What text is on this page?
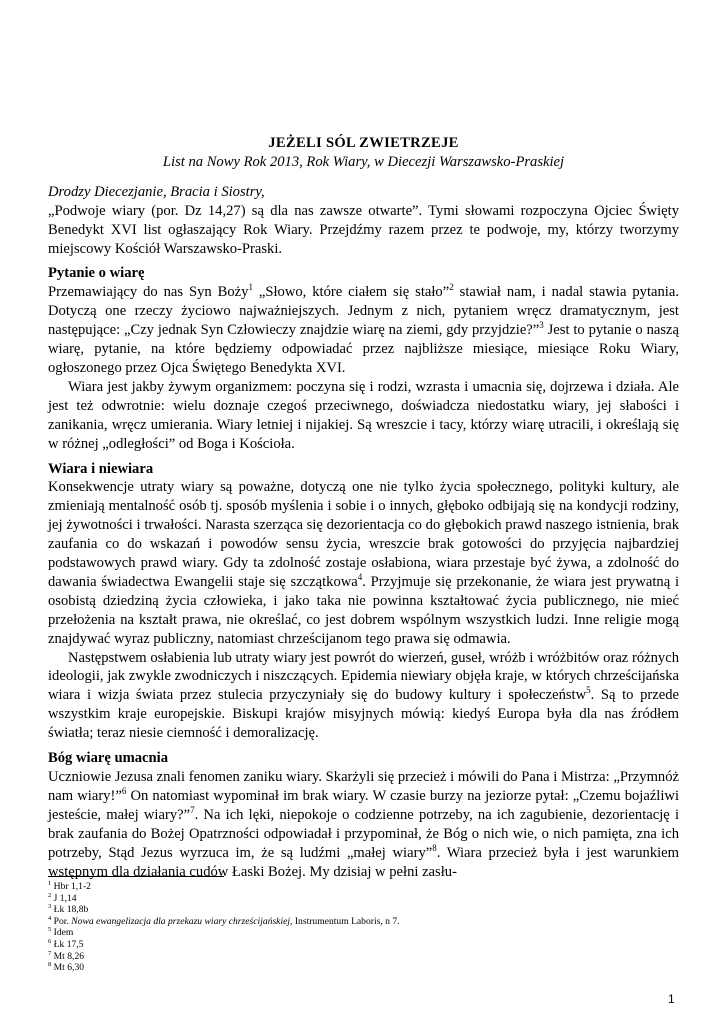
JEŻELI SÓL ZWIETRZEJE
List na Nowy Rok 2013, Rok Wiary, w Diecezji Warszawsko-Praskiej
Drodzy Diecezjanie, Bracia i Siostry,

„Podwoje wiary (por. Dz 14,27) są dla nas zawsze otwarte”. Tymi słowami rozpoczyna Ojciec Święty Benedykt XVI list ogłaszający Rok Wiary. Przejdźmy razem przez te podwoje, my, którzy tworzymy miejscowy Kościół Warszawsko-Praski.

Pytanie o wiarę

Przemawiający do nas Syn Boży$^1$ „Słowo, które ciałem się stało”$^2$ stawiał nam, i nadal stawia pytania. Dotyczą one rzeczy życiowo najważniejszych. Jednym z nich, pytaniem wręcz dramatycznym, jest następujące: „Czy jednak Syn Człowieczy znajdzie wiarę na ziemi, gdy przyjdzie?”$^3$ Jest to pytanie o naszą wiarę, pytanie, na które będziemy odpowiadać przez najbliższe miesiące, miesiące Roku Wiary, ogłoszonego przez Ojca Świętego Benedykta XVI.

Wiara jest jakby żywym organizmem: poczyna się i rodzi, wzrasta i umacnia się, dojrzewa i działa. Ale jest też odwrotnie: wielu doznaje czegoś przeciwnego, doświadcza niedostatku wiary, jej słabości i zanikania, wręcz umierania. Wiary letniej i nijakiej. Są wreszcie i tacy, którzy wiarę utracili, i określają się w różnej „odległości” od Boga i Kościoła.

Wiara i niewiara

Konsekwencje utraty wiary są poważne, dotyczą one nie tylko życia społecznego, polityki kultury, ale zmieniają mentalność osób tj. sposób myślenia i sobie i o innych, głęboko odbijają się na kondycji rodziny, jej żywotności i trwałości. Narasta szerząca się dezorientacja co do głębokich prawd naszego istnienia, brak zaufania co do wskazań i powodów sensu życia, wreszcie brak gotowości do przyjęcia najbardziej podstawowych prawd wiary. Gdy ta zdolność zostaje osłabiona, wiara przestaje być żywa, a zdolność do dawania świadectwa Ewangelii staje się szczątkowa$^4$. Przyjmuje się przekonanie, że wiara jest prywatną i osobistą dziedziną życia człowieka, i jako taka nie powinna kształtować życia publicznego, nie mieć przełożenia na kształt prawa, nie określać, co jest dobrem wspólnym wszystkich ludzi. Inne religie mogą znajdywać wyraz publiczny, natomiast chrześcijanom tego prawa się odmawia.

Następstwem osłabienia lub utraty wiary jest powrót do wierzeń, guseł, wróżb i wróżbitów oraz różnych ideologii, jak zwykle zwodniczych i niszczących. Epidemia niewiary objęła kraje, w których chrześcijańska wiara i wizja świata przez stulecia przyczyniały się do budowy kultury i społeczeństw$^5$. Są to przede wszystkim kraje europejskie. Biskupi krajów misyjnych mówią: kiedyś Europa była dla nas źródłem światła; teraz niesie ciemność i demoralizację.

Bóg wiarę umacnia

Uczniowie Jezusa znali fenomen zaniku wiary. Skarżyli się przecież i mówili do Pana i Mistrza: „Przymnóż nam wiary!”$^6$ On natomiast wypominał im brak wiary. W czasie burzy na jeziorze pytał: „Czemu bojaźliwi jesteście, małej wiary?”$^7$. Na ich lęki, niepokoje o codzienne potrzeby, na ich zagubienie, dezorientację i brak zaufania do Bożej Opatrzności odpowiadał i przypominał, że Bóg o nich wie, o nich pamięta, zna ich potrzeby, Stąd Jezus wyrzuca im, że są ludźmi „małej wiary”$^8$. Wiara przecież była i jest warunkiem wstępnym dla działania cudów Łaski Bożej. My dzisiaj w pełni zasłu-

$^1$ Hbr 1,1-2
$^2$ J 1,14
$^3$ Łk 18,8b
$^4$ Por. Nowa ewangelizacja dla przekazu wiary chrześcijańskiej, Instrumentum Laboris, n 7.
$^5$ Idem
$^6$ Łk 17,5
$^7$ Mt 8,26
$^8$ Mt 6,30
1
